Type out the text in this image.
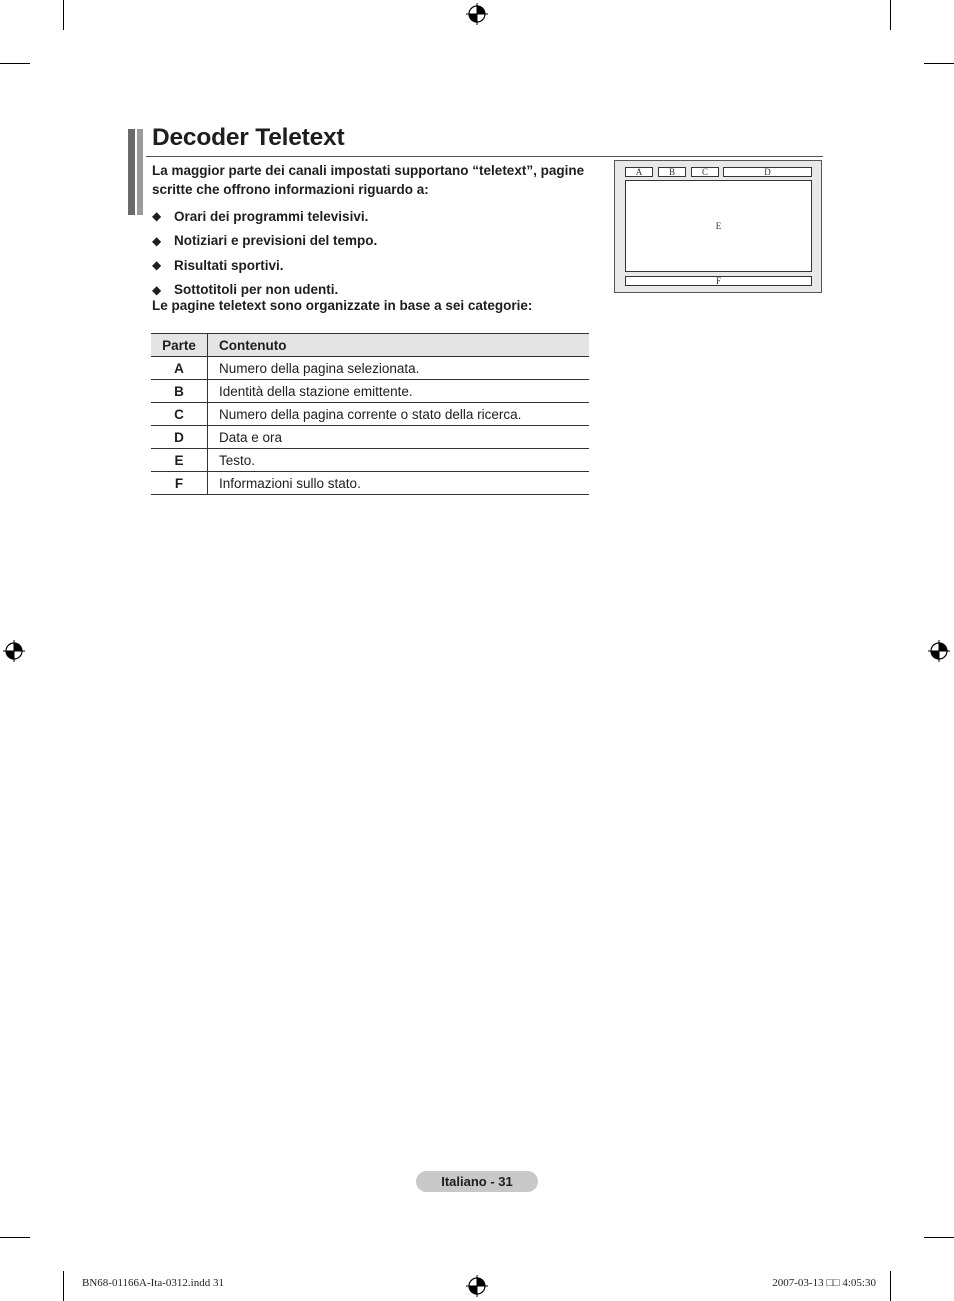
Decoder Teletext
La maggior parte dei canali impostati supportano “teletext”, pagine scritte che offrono informazioni riguardo a:
◆ Orari dei programmi televisivi.
◆ Notiziari e previsioni del tempo.
◆ Risultati sportivi.
◆ Sottotitoli per non udenti.
Le pagine teletext sono organizzate in base a sei categorie:
Parte	Contenuto
A	Numero della pagina selezionata.
B	Identità della stazione emittente.
C	Numero della pagina corrente o stato della ricerca.
D	Data e ora
E	Testo.
F	Informazioni sullo stato.
A	B	C	D
E
F
Italiano - 31
BN68-01166A-Ita-0312.indd 31	2007-03-13 □□ 4:05:30
